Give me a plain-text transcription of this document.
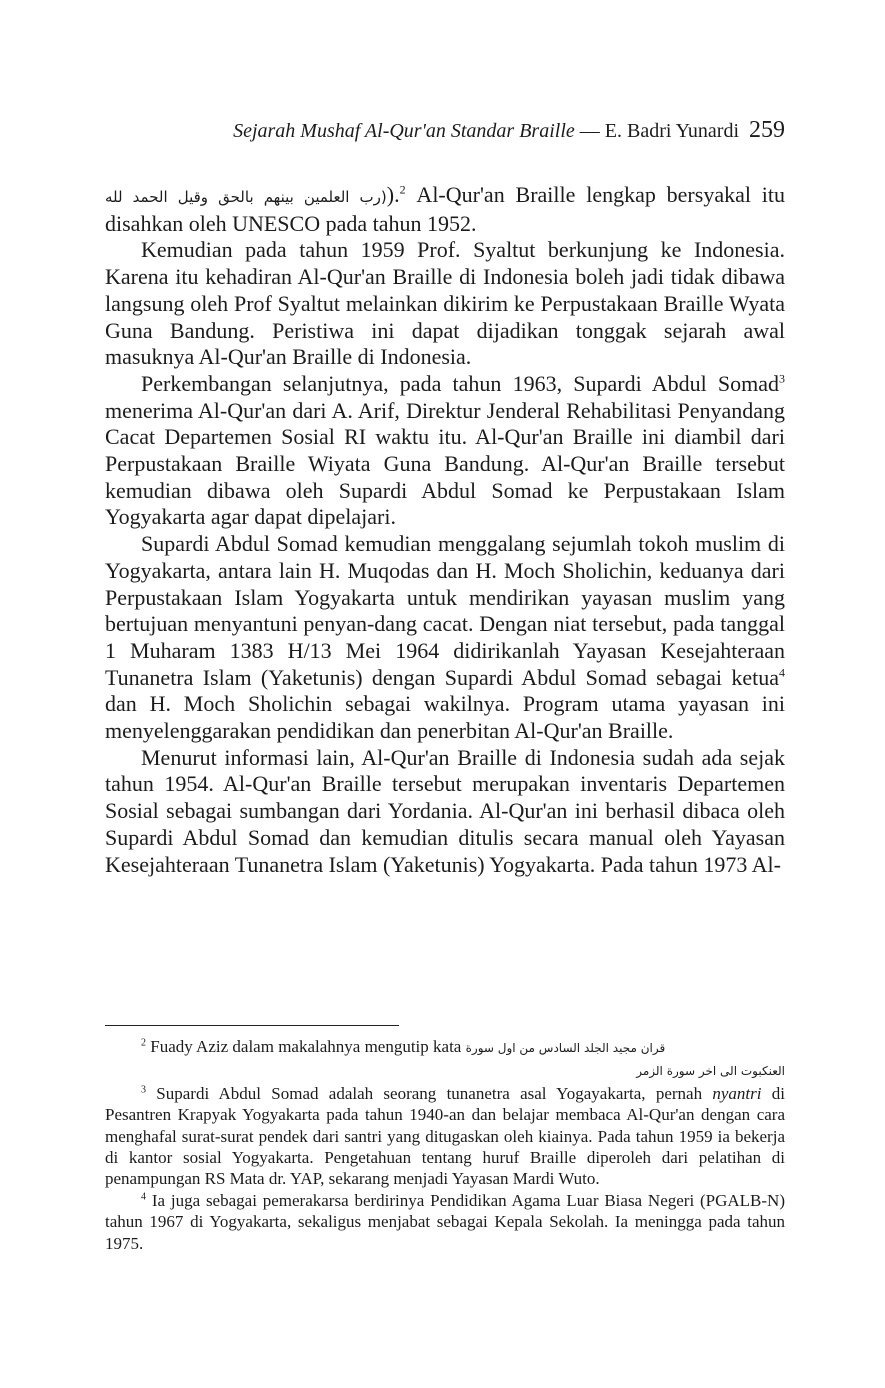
Sejarah Mushaf Al-Qur'an Standar Braille — E. Badri Yunardi 259

(رب العلمين بينهم بالحق وقيل الحمد لله).$^2$ Al-Qur'an Braille lengkap bersyakal itu disahkan oleh UNESCO pada tahun 1952.

Kemudian pada tahun 1959 Prof. Syaltut berkunjung ke Indonesia. Karena itu kehadiran Al-Qur'an Braille di Indonesia boleh jadi tidak dibawa langsung oleh Prof Syaltut melainkan dikirim ke Perpustakaan Braille Wyata Guna Bandung. Peristiwa ini dapat dijadikan tonggak sejarah awal masuknya Al-Qur'an Braille di Indonesia.

Perkembangan selanjutnya, pada tahun 1963, Supardi Abdul Somad$^3$ menerima Al-Qur'an dari A. Arif, Direktur Jenderal Rehabilitasi Penyandang Cacat Departemen Sosial RI waktu itu. Al-Qur'an Braille ini diambil dari Perpustakaan Braille Wiyata Guna Bandung. Al-Qur'an Braille tersebut kemudian dibawa oleh Supardi Abdul Somad ke Perpustakaan Islam Yogyakarta agar dapat dipelajari.

Supardi Abdul Somad kemudian menggalang sejumlah tokoh muslim di Yogyakarta, antara lain H. Muqodas dan H. Moch Sholichin, keduanya dari Perpustakaan Islam Yogyakarta untuk mendirikan yayasan muslim yang bertujuan menyantuni penyan-dang cacat. Dengan niat tersebut, pada tanggal 1 Muharam 1383 H/13 Mei 1964 didirikanlah Yayasan Kesejahteraan Tunanetra Islam (Yaketunis) dengan Supardi Abdul Somad sebagai ketua$^4$ dan H. Moch Sholichin sebagai wakilnya. Program utama yayasan ini menyelenggarakan pendidikan dan penerbitan Al-Qur'an Braille.

Menurut informasi lain, Al-Qur'an Braille di Indonesia sudah ada sejak tahun 1954. Al-Qur'an Braille tersebut merupakan inventaris Departemen Sosial sebagai sumbangan dari Yordania. Al-Qur'an ini berhasil dibaca oleh Supardi Abdul Somad dan kemudian ditulis secara manual oleh Yayasan Kesejahteraan Tunanetra Islam (Yaketunis) Yogyakarta. Pada tahun 1973 Al-

$^2$ Fuady Aziz dalam makalahnya mengutip kata قران مجيد الجلد السادس من اول سورة

العنكبوت الى اخر سورة الزمر

$^3$ Supardi Abdul Somad adalah seorang tunanetra asal Yogayakarta, pernah nyantri di Pesantren Krapyak Yogyakarta pada tahun 1940-an dan belajar membaca Al-Qur'an dengan cara menghafal surat-surat pendek dari santri yang ditugaskan oleh kiainya. Pada tahun 1959 ia bekerja di kantor sosial Yogyakarta. Pengetahuan tentang huruf Braille diperoleh dari pelatihan di penampungan RS Mata dr. YAP, sekarang menjadi Yayasan Mardi Wuto.

$^4$ Ia juga sebagai pemerakarsa berdirinya Pendidikan Agama Luar Biasa Negeri (PGALB-N) tahun 1967 di Yogyakarta, sekaligus menjabat sebagai Kepala Sekolah. Ia meningga pada tahun 1975.
